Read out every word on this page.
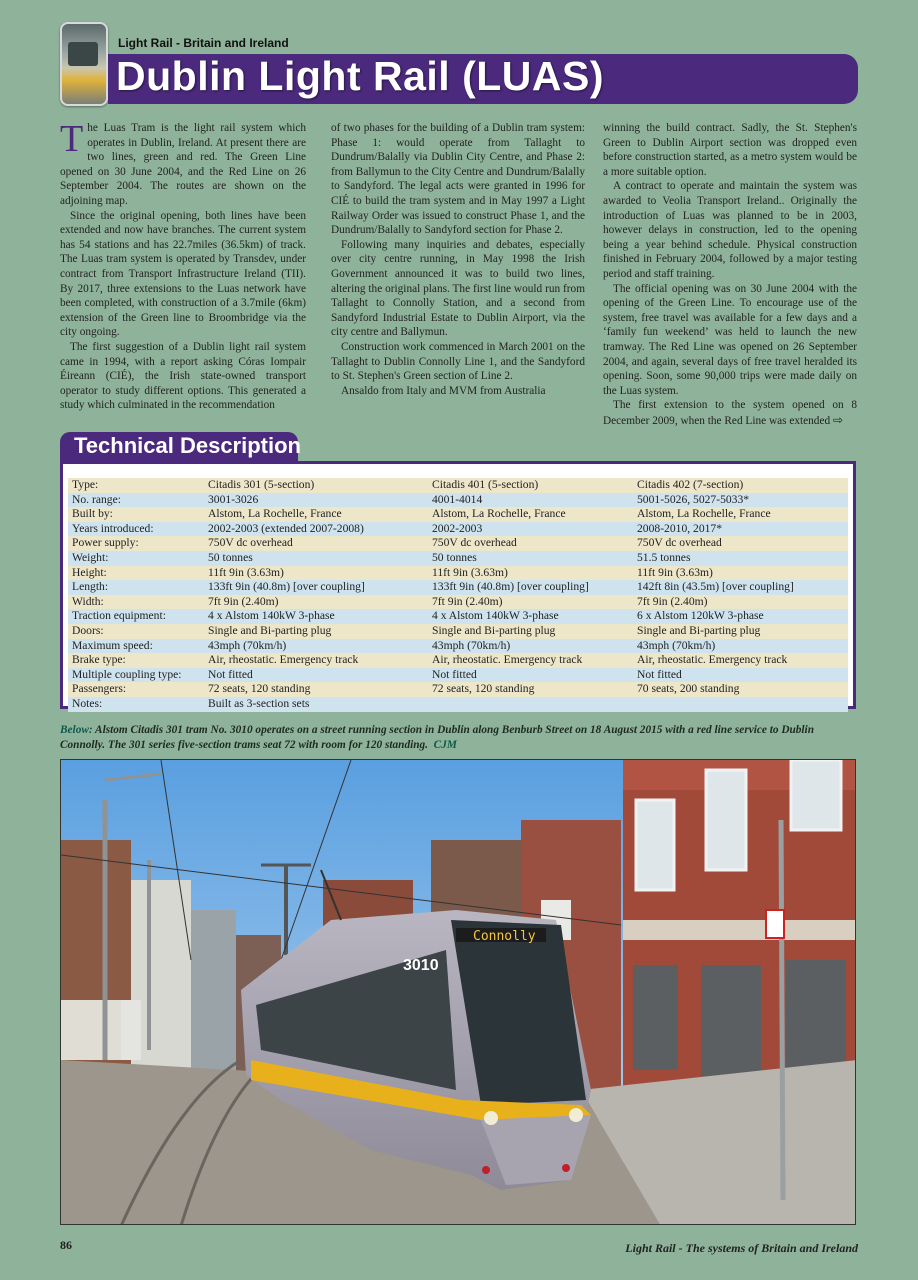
Light Rail - Britain and Ireland
Dublin Light Rail (LUAS)

The Luas Tram is the light rail system which operates in Dublin, Ireland. At present there are two lines, green and red. The Green Line opened on 30 June 2004, and the Red Line on 26 September 2004. The routes are shown on the adjoining map.

Since the original opening, both lines have been extended and now have branches. The current system has 54 stations and has 22.7miles (36.5km) of track. The Luas tram system is operated by Transdev, under contract from Transport Infrastructure Ireland (TII). By 2017, three extensions to the Luas network have been completed, with construction of a 3.7mile (6km) extension of the Green line to Broombridge via the city ongoing.

The first suggestion of a Dublin light rail system came in 1994, with a report asking Córas Iompair Éireann (CIÉ), the Irish state-owned transport operator to study different options. This generated a study which culminated in the recommendation

of two phases for the building of a Dublin tram system: Phase 1: would operate from Tallaght to Dundrum/Balally via Dublin City Centre, and Phase 2: from Ballymun to the City Centre and Dundrum/Balally to Sandyford. The legal acts were granted in 1996 for CIÉ to build the tram system and in May 1997 a Light Railway Order was issued to construct Phase 1, and the Dundrum/Balally to Sandyford section for Phase 2.

Following many inquiries and debates, especially over city centre running, in May 1998 the Irish Government announced it was to build two lines, altering the original plans. The first line would run from Tallaght to Connolly Station, and a second from Sandyford Industrial Estate to Dublin Airport, via the city centre and Ballymun.

Construction work commenced in March 2001 on the Tallaght to Dublin Connolly Line 1, and the Sandyford to St. Stephen's Green section of Line 2.

Ansaldo from Italy and MVM from Australia

winning the build contract. Sadly, the St. Stephen's Green to Dublin Airport section was dropped even before construction started, as a metro system would be a more suitable option.

A contract to operate and maintain the system was awarded to Veolia Transport Ireland.. Originally the introduction of Luas was planned to be in 2003, however delays in construction, led to the opening being a year behind schedule. Physical construction finished in February 2004, followed by a major testing period and staff training.

The official opening was on 30 June 2004 with the opening of the Green Line. To encourage use of the system, free travel was available for a few days and a ‘family fun weekend’ was held to launch the new tramway. The Red Line was opened on 26 September 2004, and again, several days of free travel heralded its opening. Soon, some 90,000 trips were made daily on the Luas system.

The first extension to the system opened on 8 December 2009, when the Red Line was extended ⇨

Technical Description
Type:	Citadis 301 (5-section)	Citadis 401 (5-section)	Citadis 402 (7-section)
No. range:	3001-3026	4001-4014	5001-5026, 5027-5033*
Built by:	Alstom, La Rochelle, France	Alstom, La Rochelle, France	Alstom, La Rochelle, France
Years introduced:	2002-2003 (extended 2007-2008)	2002-2003	2008-2010, 2017*
Power supply:	750V dc overhead	750V dc overhead	750V dc overhead
Weight:	50 tonnes	50 tonnes	51.5 tonnes
Height:	11ft 9in (3.63m)	11ft 9in (3.63m)	11ft 9in (3.63m)
Length:	133ft 9in (40.8m) [over coupling]	133ft 9in (40.8m) [over coupling]	142ft 8in (43.5m) [over coupling]
Width:	7ft 9in (2.40m)	7ft 9in (2.40m)	7ft 9in (2.40m)
Traction equipment:	4 x Alstom 140kW 3-phase	4 x Alstom 140kW 3-phase	6 x Alstom 120kW 3-phase
Doors:	Single and Bi-parting plug	Single and Bi-parting plug	Single and Bi-parting plug
Maximum speed:	43mph (70km/h)	43mph (70km/h)	43mph (70km/h)
Brake type:	Air, rheostatic. Emergency track	Air, rheostatic. Emergency track	Air, rheostatic. Emergency track
Multiple coupling type:	Not fitted	Not fitted	Not fitted
Passengers:	72 seats, 120 standing	72 seats, 120 standing	70 seats, 200 standing
Notes:	Built as 3-section sets
Below: Alstom Citadis 301 tram No. 3010 operates on a street running section in Dublin along Benburb Street on 18 August 2015 with a red line service to Dublin Connolly. The 301 series five-section trams seat 72 with room for 120 standing. CJM
3010
Connolly
86	Light Rail - The systems of Britain and Ireland
